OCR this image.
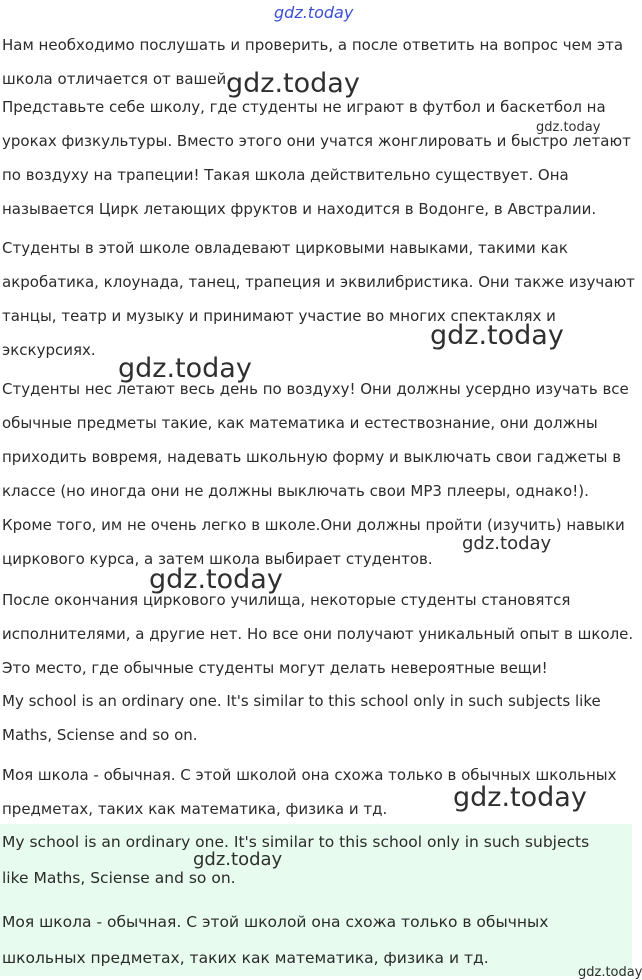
gdz.today

Нам необходимо послушать и проверить, а после ответить на вопрос чем эта
школа отличается от вашей.

Представьте себе школу, где студенты не играют в футбол и баскетбол на
уроках физкультуры. Вместо этого они учатся жонглировать и быстро летают
по воздуху на трапеции! Такая школа действительно существует. Она
называется Цирк летающих фруктов и находится в Водонге, в Австралии.

Студенты в этой школе овладевают цирковыми навыками, такими как
акробатика, клоунада, танец, трапеция и эквилибристика. Они также изучают
танцы, театр и музыку и принимают участие во многих спектаклях и
экскурсиях.

Студенты нес летают весь день по воздуху! Они должны усердно изучать все
обычные предметы такие, как математика и естествознание, они должны
приходить вовремя, надевать школьную форму и выключать свои гаджеты в
классе (но иногда они не должны выключать свои MP3 плееры, однако!).

Кроме того, им не очень легко в школе.Они должны пройти (изучить) навыки
циркового курса, а затем школа выбирает студентов.

После окончания циркового училища, некоторые студенты становятся
исполнителями, а другие нет. Но все они получают уникальный опыт в школе.
Это место, где обычные студенты могут делать невероятные вещи!

My school is an ordinary one. It's similar to this school only in such subjects like
Maths, Sciense and so on.

Моя школа - обычная. С этой школой она схожа только в обычных школьных
предметах, таких как математика, физика и тд.

My school is an ordinary one. It's similar to this school only in such subjects
like Maths, Sciense and so on.

Моя школа - обычная. С этой школой она схожа только в обычных
школьных предметах, таких как математика, физика и тд.

gdz.today
gdz.today
gdz.today
gdz.today
gdz.today
gdz.today
gdz.today
gdz.today
gdz.today
